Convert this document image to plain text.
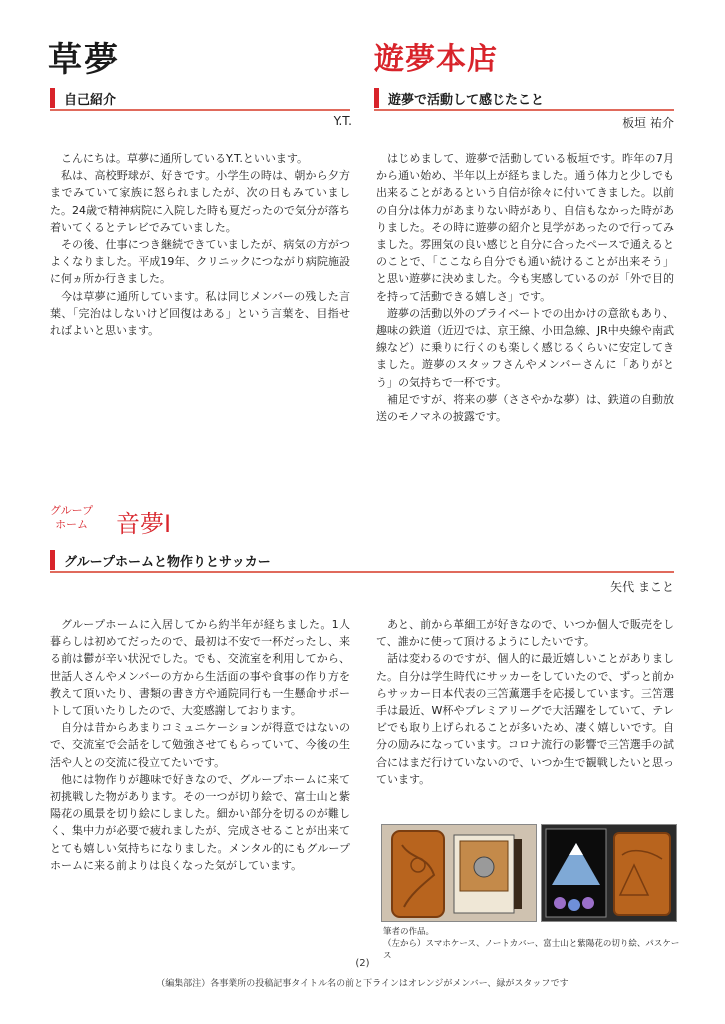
草夢
自己紹介
Y.T.

こんにちは。草夢に通所しているY.T.といいます。

私は、高校野球が、好きです。小学生の時は、朝から夕方までみていて家族に怒られましたが、次の日もみていました。24歳で精神病院に入院した時も夏だったので気分が落ち着いてくるとテレビでみていました。

その後、仕事につき継続できていましたが、病気の方がつよくなりました。平成19年、クリニックにつながり病院施設に何ヵ所か行きました。

今は草夢に通所しています。私は同じメンバーの残した言葉、「完治はしないけど回復はある」という言葉を、目指せればよいと思います。

遊夢本店
遊夢で活動して感じたこと
板垣 祐介

はじめまして、遊夢で活動している板垣です。昨年の7月から通い始め、半年以上が経ちました。通う体力と少しでも出来ることがあるという自信が徐々に付いてきました。以前の自分は体力があまりない時があり、自信もなかった時がありました。その時に遊夢の紹介と見学があったので行ってみました。雰囲気の良い感じと自分に合ったペースで通えるとのことで、「ここなら自分でも通い続けることが出来そう」と思い遊夢に決めました。今も実感しているのが「外で目的を持って活動できる嬉しさ」です。

遊夢の活動以外のプライベートでの出かけの意欲もあり、趣味の鉄道（近辺では、京王線、小田急線、JR中央線や南武線など）に乗りに行くのも楽しく感じるくらいに安定してきました。遊夢のスタッフさんやメンバーさんに「ありがとう」の気持ちで一杯です。

補足ですが、将来の夢（ささやかな夢）は、鉄道の自動放送のモノマネの披露です。

グループ
ホーム 音夢Ⅰ
グループホームと物作りとサッカー
矢代 まこと

グループホームに入居してから約半年が経ちました。1人暮らしは初めてだったので、最初は不安で一杯だったし、来る前は鬱が辛い状況でした。でも、交流室を利用してから、世話人さんやメンバーの方から生活面の事や食事の作り方を教えて頂いたり、書類の書き方や通院同行も一生懸命サポートして頂いたりしたので、大変感謝しております。

自分は昔からあまりコミュニケーションが得意ではないので、交流室で会話をして勉強させてもらっていて、今後の生活や人との交流に役立てたいです。

他には物作りが趣味で好きなので、グループホームに来て初挑戦した物があります。その一つが切り絵で、富士山と紫陽花の風景を切り絵にしました。細かい部分を切るのが難しく、集中力が必要で疲れましたが、完成させることが出来てとても嬉しい気持ちになりました。メンタル的にもグループホームに来る前よりは良くなった気がしています。

あと、前から革細工が好きなので、いつか個人で販売をして、誰かに使って頂けるようにしたいです。

話は変わるのですが、個人的に最近嬉しいことがありました。自分は学生時代にサッカーをしていたので、ずっと前からサッカー日本代表の三笘薫選手を応援しています。三笘選手は最近、W杯やプレミアリーグで大活躍をしていて、テレビでも取り上げられることが多いため、凄く嬉しいです。自分の励みになっています。コロナ流行の影響で三笘選手の試合にはまだ行けていないので、いつか生で観戦したいと思っています。

筆者の作品。
（左から）スマホケース、ノートカバー、富士山と紫陽花の切り絵、パスケース
(2)
（編集部注）各事業所の投稿記事タイトル名の前と下ラインはオレンジがメンバー、緑がスタッフです
